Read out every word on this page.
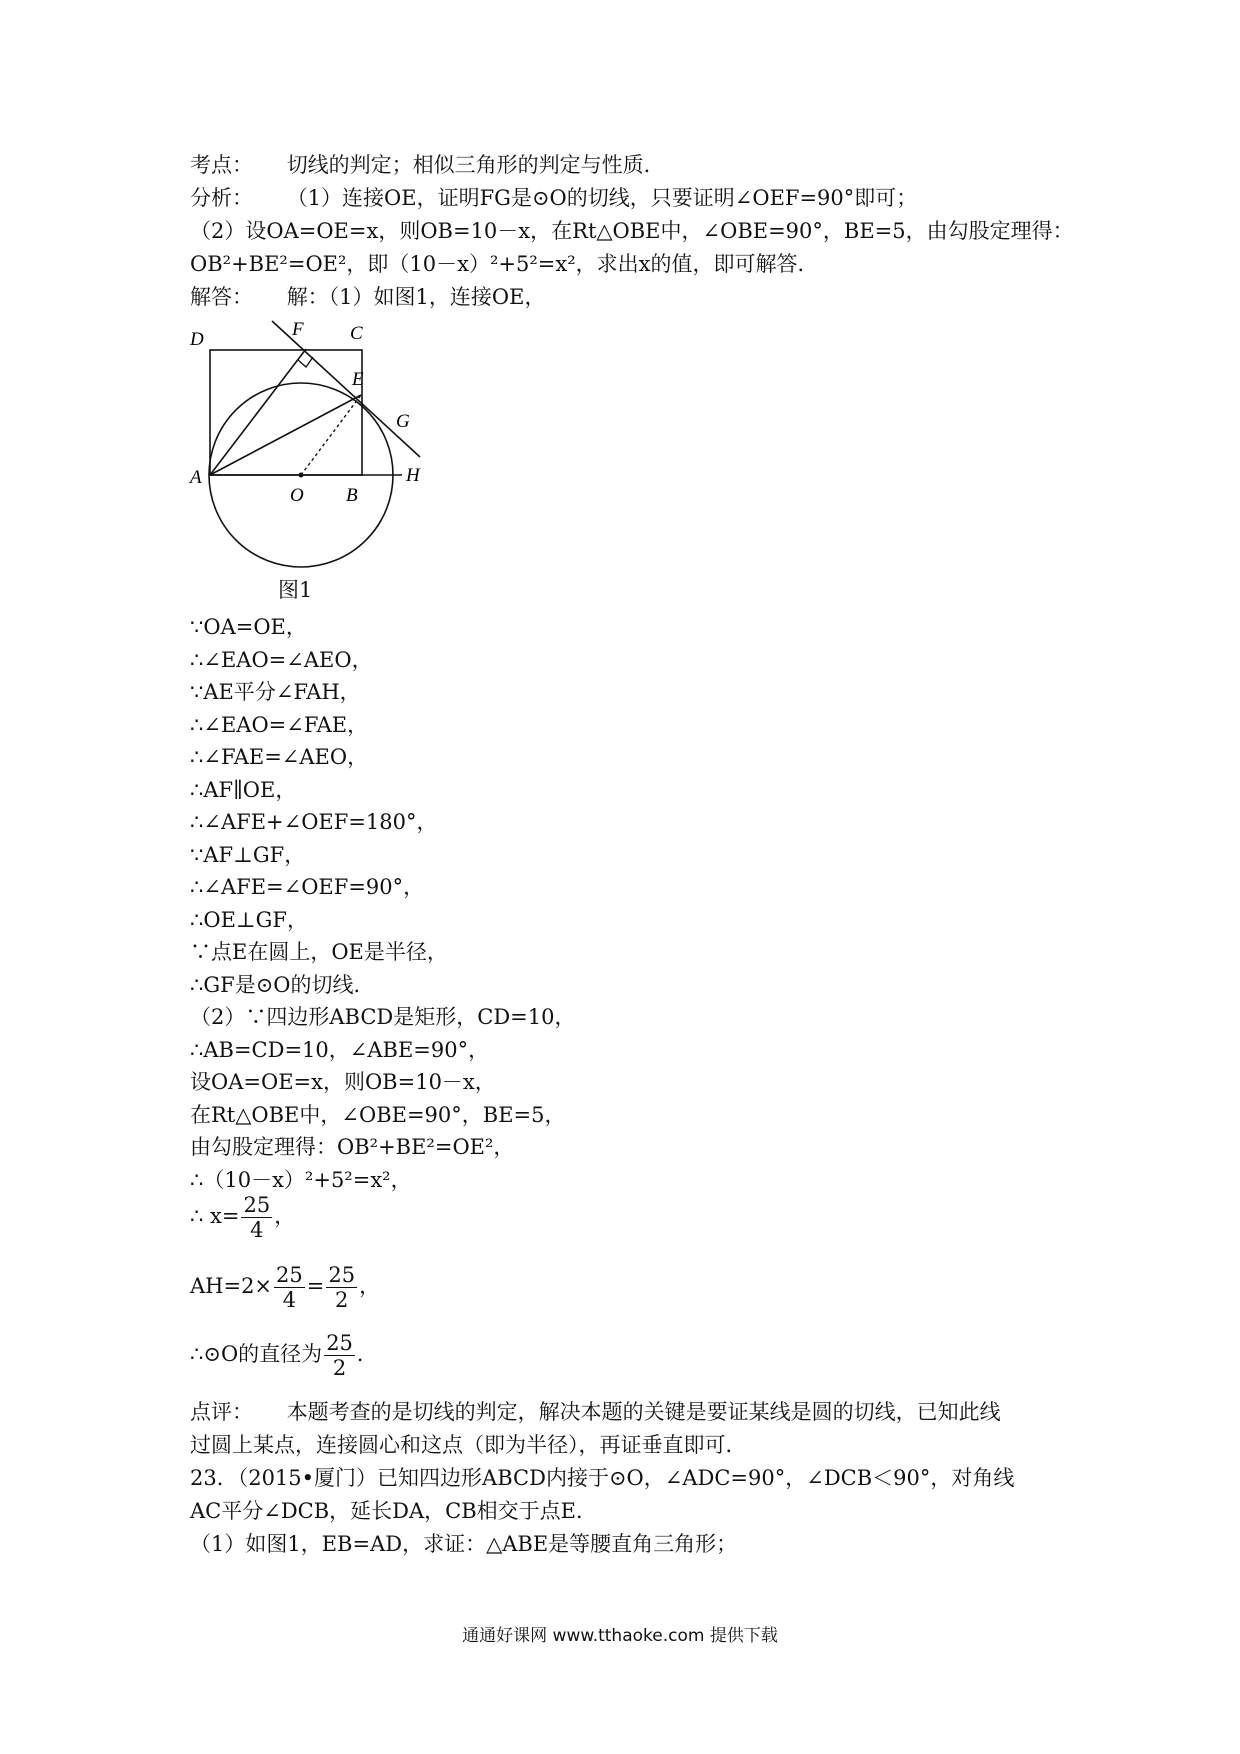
考点： 切线的判定；相似三角形的判定与性质．
分析： （1）连接OE，证明FG是⊙O的切线，只要证明∠OEF=90°即可；
（2）设OA=OE=x，则OB=10－x，在Rt△OBE中，∠OBE=90°，BE=5，由勾股定理得：
OB²+BE²=OE²，即（10－x）²+5²=x²，求出x的值，即可解答．
解答： 解：（1）如图1，连接OE，
D	F C
E
G
A
O B
H
图1
∵OA=OE，
∴∠EAO=∠AEO，
∵AE平分∠FAH，
∴∠EAO=∠FAE，
∴∠FAE=∠AEO，
∴AF∥OE，
∴∠AFE+∠OEF=180°，
∵AF⊥GF，
∴∠AFE=∠OEF=90°，
∴OE⊥GF，
∵点E在圆上，OE是半径，
∴GF是⊙O的切线．
（2）∵四边形ABCD是矩形，CD=10，
∴AB=CD=10，∠ABE=90°，
设OA=OE=x，则OB=10－x，
在Rt△OBE中，∠OBE=90°，BE=5，
由勾股定理得：OB²+BE²=OE²，
∴（10－x）²+5²=x²，
∴ $x= \frac{25}{4}$ ，
$AH=2\times \frac{25}{4} = \frac{25}{2}$ ，
∴⊙O的直径为 $\frac{25}{2}$ ．
点评： 本题考查的是切线的判定，解决本题的关键是要证某线是圆的切线，已知此线
过圆上某点，连接圆心和这点（即为半径），再证垂直即可．
23．（2015•厦门）已知四边形ABCD内接于⊙O，∠ADC=90°，∠DCB＜90°，对角线
AC平分∠DCB，延长DA，CB相交于点E．
（1）如图1，EB=AD，求证：△ABE是等腰直角三角形；
通通好课网 www.tthaoke.com 提供下载
